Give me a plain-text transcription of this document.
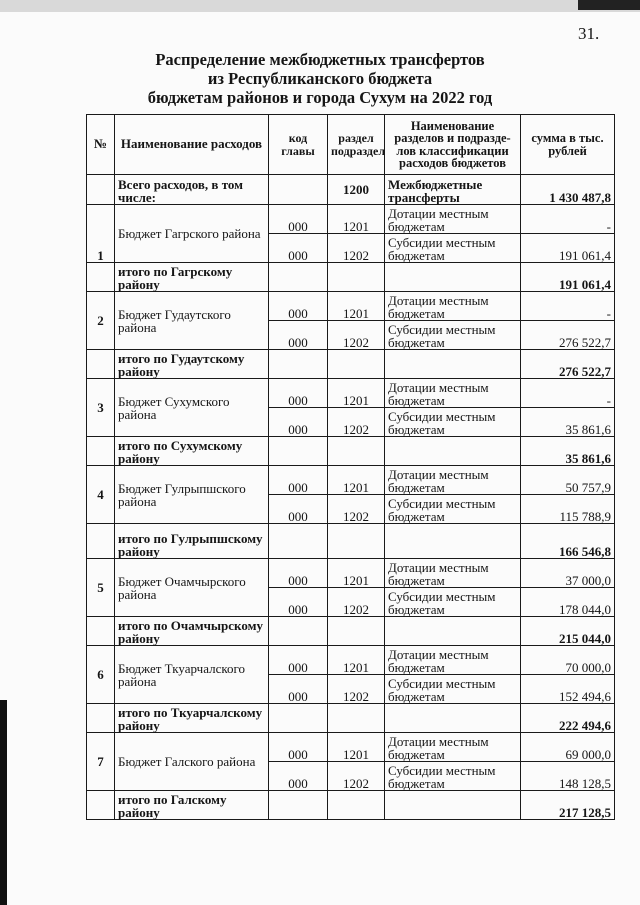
31.
Распределение межбюджетных трансфертов
из Республиканского бюджета
бюджетам районов и города Сухум на 2022 год
№	Наименование расходов	код главы	раздел подраздел	Наименование разделов и подразде-лов классификации расходов бюджетов	сумма в тыс. рублей
	Всего расходов, в том числе:		1200	Межбюджетные трансферты	1 430 487,8
1	Бюджет Гагрского района	000	1201	Дотации местным бюджетам	-
		000	1202	Субсидии местным бюджетам	191 061,4
	итого по Гагрскому району				191 061,4
2	Бюджет Гудаутского района	000	1201	Дотации местным бюджетам	-
		000	1202	Субсидии местным бюджетам	276 522,7
	итого по Гудаутскому району				276 522,7
3	Бюджет Сухумского района	000	1201	Дотации местным бюджетам	-
		000	1202	Субсидии местным бюджетам	35 861,6
	итого по Сухумскому району				35 861,6
4	Бюджет Гулрыпшского района	000	1201	Дотации местным бюджетам	50 757,9
		000	1202	Субсидии местным бюджетам	115 788,9
	итого по Гулрыпшскому району				166 546,8
5	Бюджет Очамчырского района	000	1201	Дотации местным бюджетам	37 000,0
		000	1202	Субсидии местным бюджетам	178 044,0
	итого по Очамчырскому району				215 044,0
6	Бюджет Ткуарчалского района	000	1201	Дотации местным бюджетам	70 000,0
		000	1202	Субсидии местным бюджетам	152 494,6
	итого по Ткуарчалскому району				222 494,6
7	Бюджет Галского района	000	1201	Дотации местным бюджетам	69 000,0
		000	1202	Субсидии местным бюджетам	148 128,5
	итого по Галскому району				217 128,5
